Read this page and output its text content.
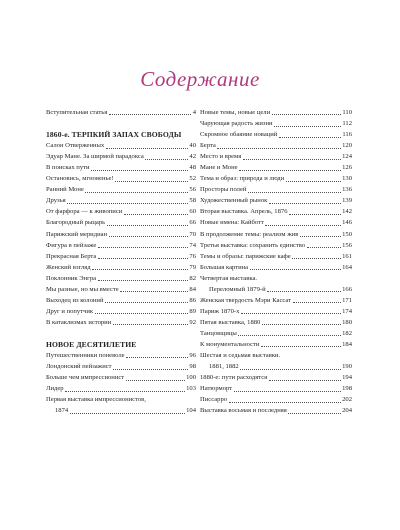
Содержание
Вступительная статья	4
1860-е. ТЕРПКИЙ ЗАПАХ СВОБОДЫ
Салон Отверженных	40
Эдуар Мане. За ширмой парадокса	42
В поисках пути	48
Остановись, мгновенье!	52
Ранний Моне	56
Друзья	58
От фарфора — к живописи	60
Благородный рыцарь	66
Парижский меридиан	70
Фигура в пейзаже	74
Прекрасная Берта	76
Женский взгляд	79
Поклонник Энгра	82
Мы разные, но мы вместе	84
Выходец из колоний	86
Друг и попутчик	89
В катаклизмах истории	92
НОВОЕ ДЕСЯТИЛЕТИЕ
Путешественники поневоле	96
Лондонский пейзажист	98
Больше чем импрессионист	100
Лидер	103
Первая выставка импрессионистов,
1874	104
Новые темы, новые цели	110
Чарующая радость жизни	112
Скромное обаяние новаций	116
Берта	120
Место и время	124
Мане и Моне	126
Тема и образ: природа и люди	130
Просторы полей	136
Художественный рынок	139
Вторая выставка. Апрель, 1876	142
Новые имена: Кайботт	146
В продолжение темы: реализм жив	150
Третья выставка: сохранить единство	156
Темы и образы: парижские кафе	161
Большая картина	164
Четвертая выставка.
Переломный 1879-й	166
Женская твердость Мэри Кассат	171
Париж 1870-х	174
Пятая выставка, 1880	180
Танцовщицы	182
К монументальности	184
Шестая и седьмая выставки.
1881, 1882	190
1880-е: пути расходятся	194
Натюрморт	198
Писсарро	202
Выставка восьмая и последняя	204
